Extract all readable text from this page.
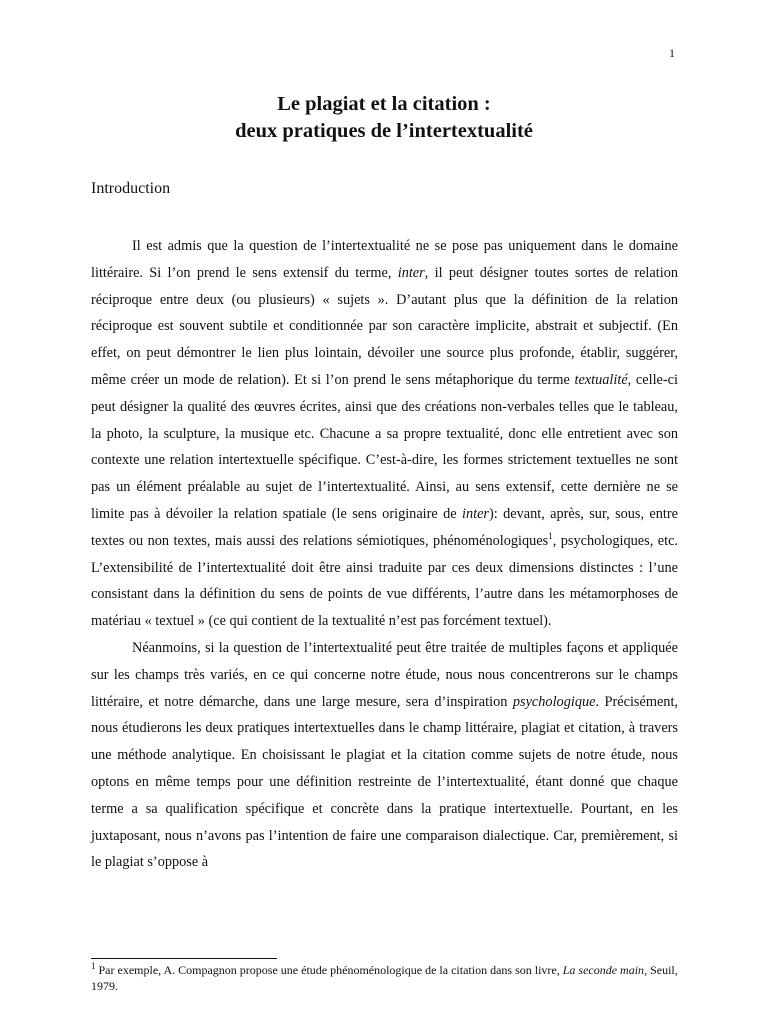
1
Le plagiat et la citation :
deux pratiques de l’intertextualité
Introduction

Il est admis que la question de l’intertextualité ne se pose pas uniquement dans le domaine littéraire. Si l’on prend le sens extensif du terme, inter, il peut désigner toutes sortes de relation réciproque entre deux (ou plusieurs) « sujets ». D’autant plus que la définition de la relation réciproque est souvent subtile et conditionnée par son caractère implicite, abstrait et subjectif. (En effet, on peut démontrer le lien plus lointain, dévoiler une source plus profonde, établir, suggérer, même créer un mode de relation). Et si l’on prend le sens métaphorique du terme textualité, celle-ci peut désigner la qualité des œuvres écrites, ainsi que des créations non-verbales telles que le tableau, la photo, la sculpture, la musique etc. Chacune a sa propre textualité, donc elle entretient avec son contexte une relation intertextuelle spécifique. C’est-à-dire, les formes strictement textuelles ne sont pas un élément préalable au sujet de l’intertextualité. Ainsi, au sens extensif, cette dernière ne se limite pas à dévoiler la relation spatiale (le sens originaire de inter): devant, après, sur, sous, entre textes ou non textes, mais aussi des relations sémiotiques, phénoménologiques$^1$, psychologiques, etc. L’extensibilité de l’intertextualité doit être ainsi traduite par ces deux dimensions distinctes : l’une consistant dans la définition du sens de points de vue différents, l’autre dans les métamorphoses de matériau « textuel » (ce qui contient de la textualité n’est pas forcément textuel).

Néanmoins, si la question de l’intertextualité peut être traitée de multiples façons et appliquée sur les champs très variés, en ce qui concerne notre étude, nous nous concentrerons sur le champs littéraire, et notre démarche, dans une large mesure, sera d’inspiration psychologique. Précisément, nous étudierons les deux pratiques intertextuelles dans le champ littéraire, plagiat et citation, à travers une méthode analytique. En choisissant le plagiat et la citation comme sujets de notre étude, nous optons en même temps pour une définition restreinte de l’intertextualité, étant donné que chaque terme a sa qualification spécifique et concrète dans la pratique intertextuelle. Pourtant, en les juxtaposant, nous n’avons pas l’intention de faire une comparaison dialectique. Car, premièrement, si le plagiat s’oppose à

$^1$ Par exemple, A. Compagnon propose une étude phénoménologique de la citation dans son livre, La seconde main, Seuil, 1979.
